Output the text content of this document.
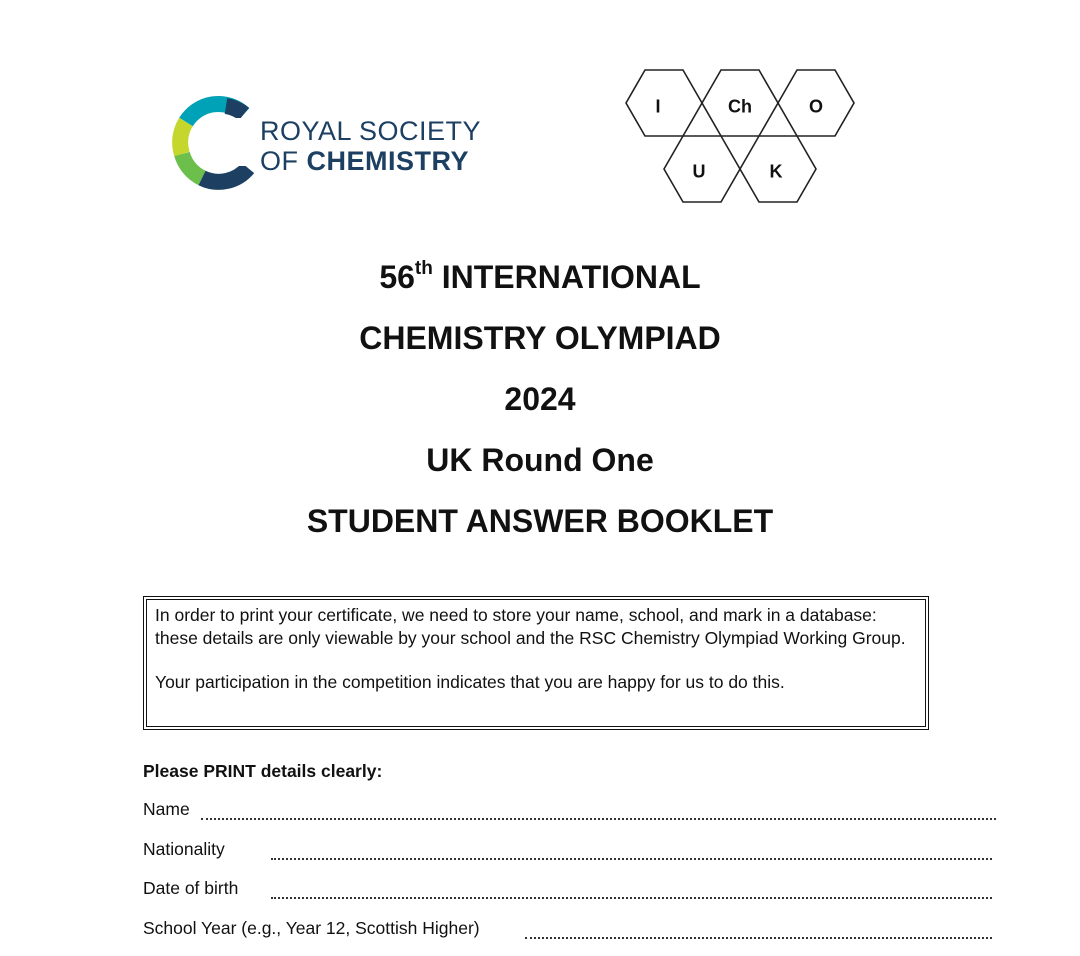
ROYAL SOCIETY
OF CHEMISTRY
I	Ch	O
U	K
56th INTERNATIONAL
CHEMISTRY OLYMPIAD
2024
UK Round One
STUDENT ANSWER BOOKLET

In order to print your certificate, we need to store your name, school, and mark in a database: these details are only viewable by your school and the RSC Chemistry Olympiad Working Group.

Your participation in the competition indicates that you are happy for us to do this.

Please PRINT details clearly:
Name
Nationality
Date of birth
School Year (e.g., Year 12, Scottish Higher)
